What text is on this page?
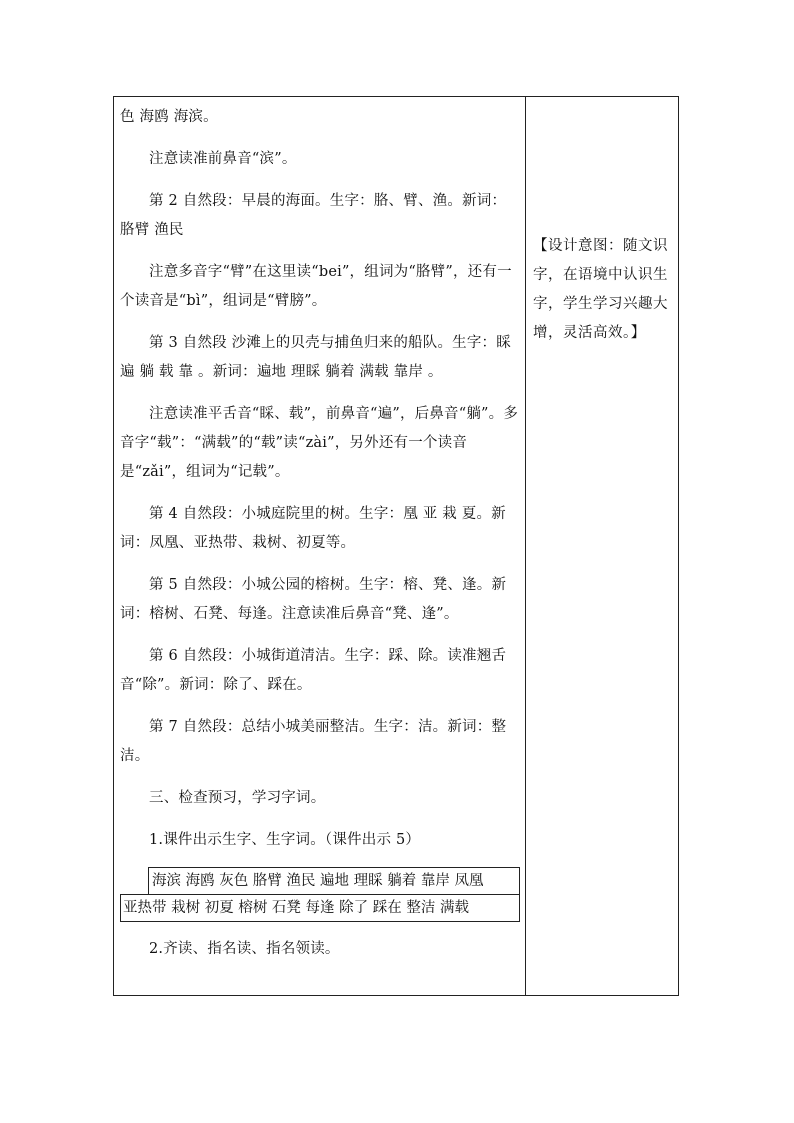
色 海鸥 海滨。

注意读准前鼻音“滨”。

第 2 自然段：早晨的海面。生字：胳、臂、渔。新词：胳臂 渔民

注意多音字“臂”在这里读“bei”，组词为“胳臂”，还有一个读音是“bì”，组词是“臂膀”。

第 3 自然段 沙滩上的贝壳与捕鱼归来的船队。生字：睬 遍 躺 载 靠 。新词：遍地 理睬 躺着 满载 靠岸 。

注意读准平舌音“睬、载”，前鼻音“遍”，后鼻音“躺”。多音字“载”：“满载”的“载”读“zài”，另外还有一个读音是“zǎi”，组词为“记载”。

第 4 自然段：小城庭院里的树。生字：凰 亚 栽 夏。新词：凤凰、亚热带、栽树、初夏等。

第 5 自然段：小城公园的榕树。生字：榕、凳、逢。新词：榕树、石凳、每逢。注意读准后鼻音“凳、逢”。

第 6 自然段：小城街道清洁。生字：踩、除。读准翘舌音“除”。新词：除了、踩在。

第 7 自然段：总结小城美丽整洁。生字：洁。新词：整洁。

三、检查预习，学习字词。

1.课件出示生字、生字词。（课件出示 5）

海滨 海鸥 灰色 胳臂 渔民 遍地 理睬 躺着 靠岸 凤凰
亚热带 栽树 初夏 榕树 石凳 每逢 除了 踩在 整洁 满载

2.齐读、指名读、指名领读。

【设计意图：随文识字，在语境中认识生字，学生学习兴趣大增，灵活高效。】
